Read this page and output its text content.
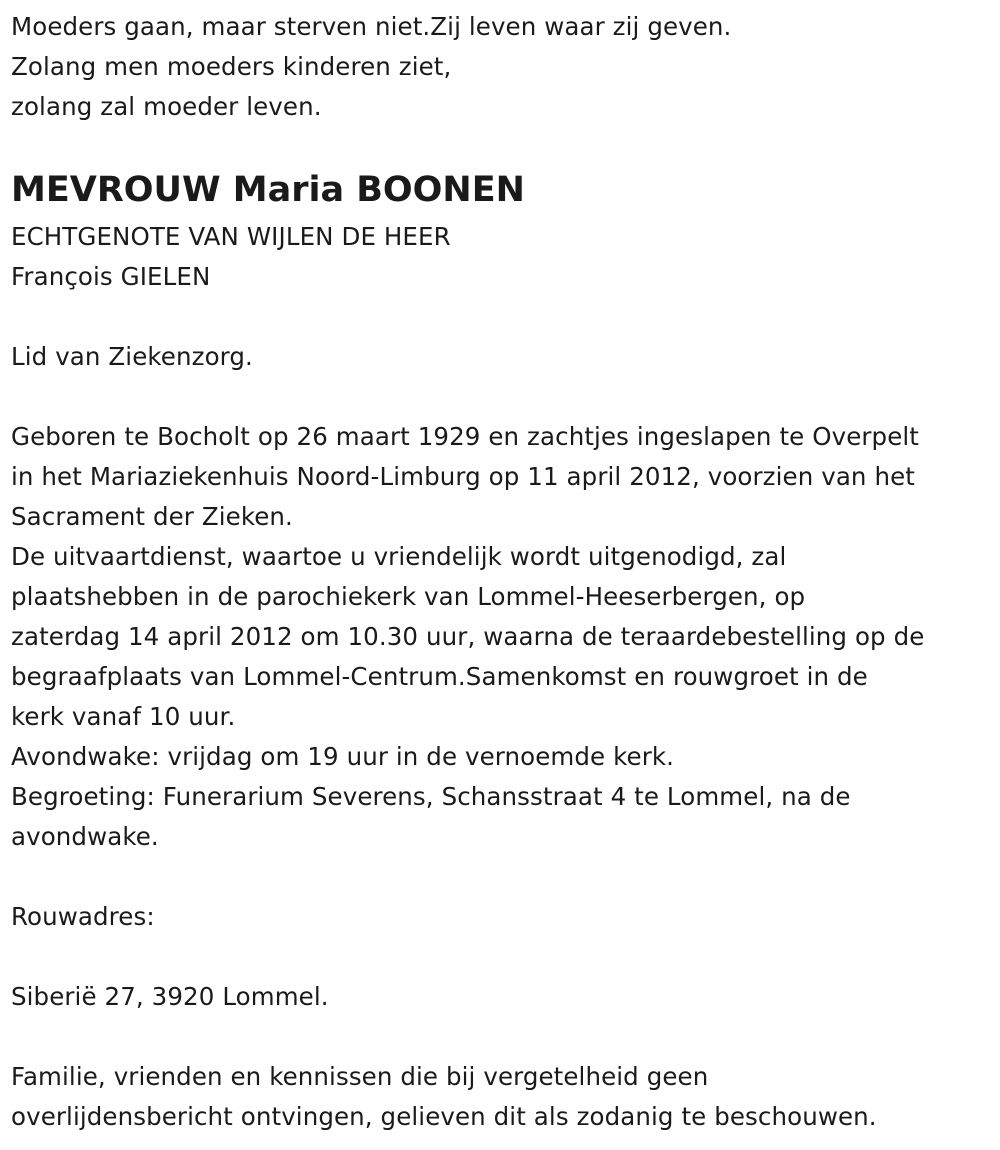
Moeders gaan, maar sterven niet.Zij leven waar zij geven.
Zolang men moeders kinderen ziet,
zolang zal moeder leven.
MEVROUW Maria BOONEN
ECHTGENOTE VAN WIJLEN DE HEER
François GIELEN
Lid van Ziekenzorg.
Geboren te Bocholt op 26 maart 1929 en zachtjes ingeslapen te Overpelt
in het Mariaziekenhuis Noord-Limburg op 11 april 2012, voorzien van het
Sacrament der Zieken.
De uitvaartdienst, waartoe u vriendelijk wordt uitgenodigd, zal
plaatshebben in de parochiekerk van Lommel-Heeserbergen, op
zaterdag 14 april 2012 om 10.30 uur, waarna de teraardebestelling op de
begraafplaats van Lommel-Centrum.Samenkomst en rouwgroet in de
kerk vanaf 10 uur.
Avondwake: vrijdag om 19 uur in de vernoemde kerk.
Begroeting: Funerarium Severens, Schansstraat 4 te Lommel, na de
avondwake.
Rouwadres:
Siberië 27, 3920 Lommel.
Familie, vrienden en kennissen die bij vergetelheid geen
overlijdensbericht ontvingen, gelieven dit als zodanig te beschouwen.
